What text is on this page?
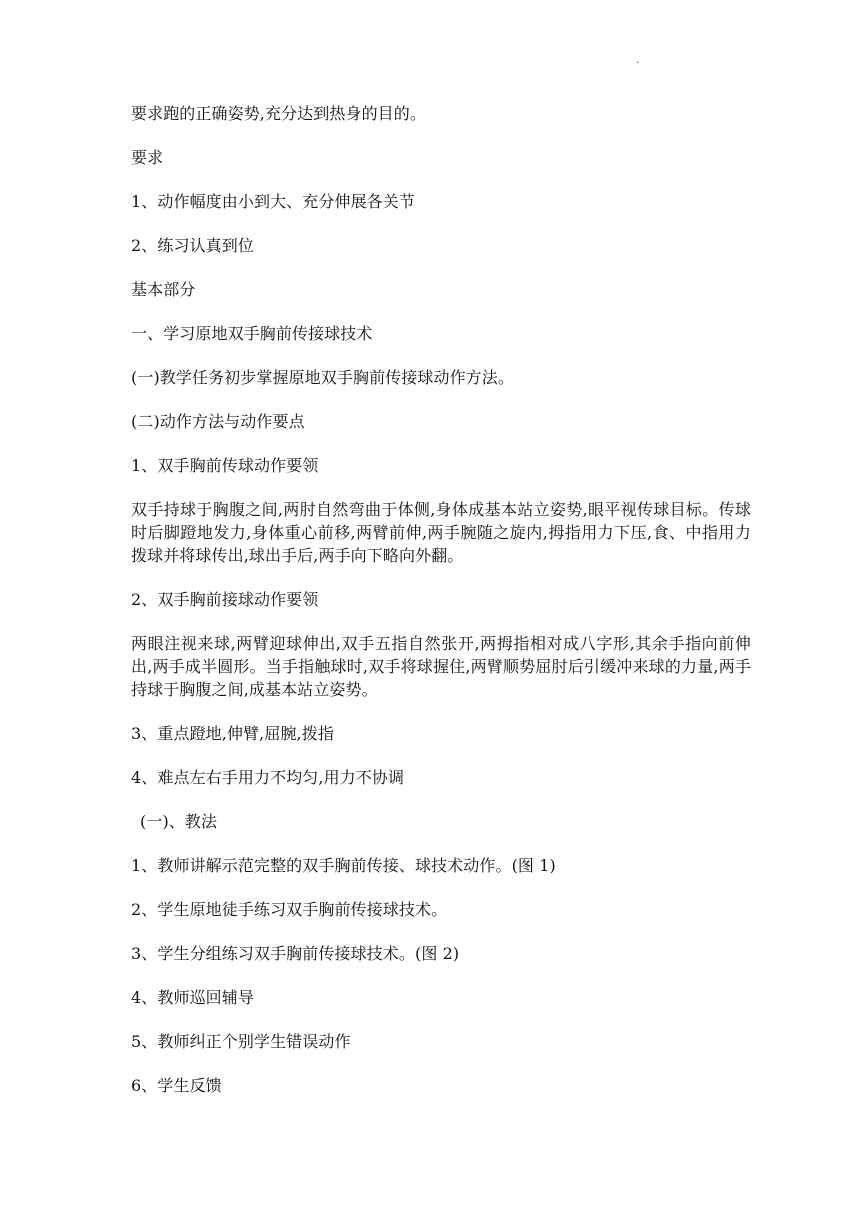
.

要求跑的正确姿势,充分达到热身的目的。

要求

1、动作幅度由小到大、充分伸展各关节

2、练习认真到位

基本部分

一、学习原地双手胸前传接球技术

(一)教学任务初步掌握原地双手胸前传接球动作方法。

(二)动作方法与动作要点

1、双手胸前传球动作要领

双手持球于胸腹之间,两肘自然弯曲于体侧,身体成基本站立姿势,眼平视传球目标。传球时后脚蹬地发力,身体重心前移,两臂前伸,两手腕随之旋内,拇指用力下压,食、中指用力拨球并将球传出,球出手后,两手向下略向外翻。

2、双手胸前接球动作要领

两眼注视来球,两臂迎球伸出,双手五指自然张开,两拇指相对成八字形,其余手指向前伸出,两手成半圆形。当手指触球时,双手将球握住,两臂顺势屈肘后引缓冲来球的力量,两手持球于胸腹之间,成基本站立姿势。

3、重点蹬地,伸臂,屈腕,拨指

4、难点左右手用力不均匀,用力不协调

(一)、教法

1、教师讲解示范完整的双手胸前传接、球技术动作。(图 1)

2、学生原地徒手练习双手胸前传接球技术。

3、学生分组练习双手胸前传接球技术。(图 2)

4、教师巡回辅导

5、教师纠正个别学生错误动作

6、学生反馈
